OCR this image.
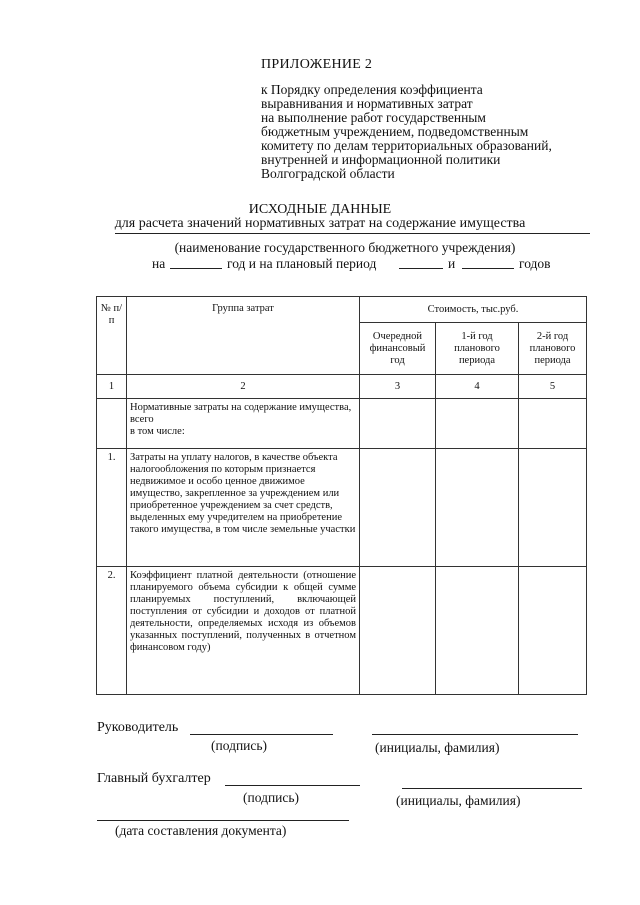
ПРИЛОЖЕНИЕ 2
к Порядку определения коэффициента
выравнивания и нормативных затрат
на выполнение работ государственным
бюджетным учреждением, подведомственным
комитету по делам территориальных образований,
внутренней и информационной политики
Волгоградской области
ИСХОДНЫЕ ДАННЫЕ
для расчета значений нормативных затрат на содержание имущества
(наименование государственного бюджетного учреждения)
на	год и на плановый период	и	годов
№ п/п	Группа затрат	Стоимость, тыс.руб.		
		Очередной финансовый год	1-й год планового периода	2-й год планового периода
1	2	3	4	5
	Нормативные затраты на содержание имущества, всего
в том числе:			
1.	Затраты на уплату налогов, в качестве объекта налогообложения по которым признается недвижимое и особо ценное движимое имущество, закрепленное за учреждением или приобретенное учреждением за счет средств, выделенных ему учредителем на приобретение такого имущества, в том числе земельные участки			
2.	Коэффициент платной деятельности (отношение планируемого объема субсидии к общей сумме планируемых поступлений, включающей поступления от субсидии и доходов от платной деятельности, определяемых исходя из объемов указанных поступлений, полученных в отчетном финансовом году)			
Руководитель
(подпись)	(инициалы, фамилия)
Главный бухгалтер
(подпись)	(инициалы, фамилия)
(дата составления документа)
